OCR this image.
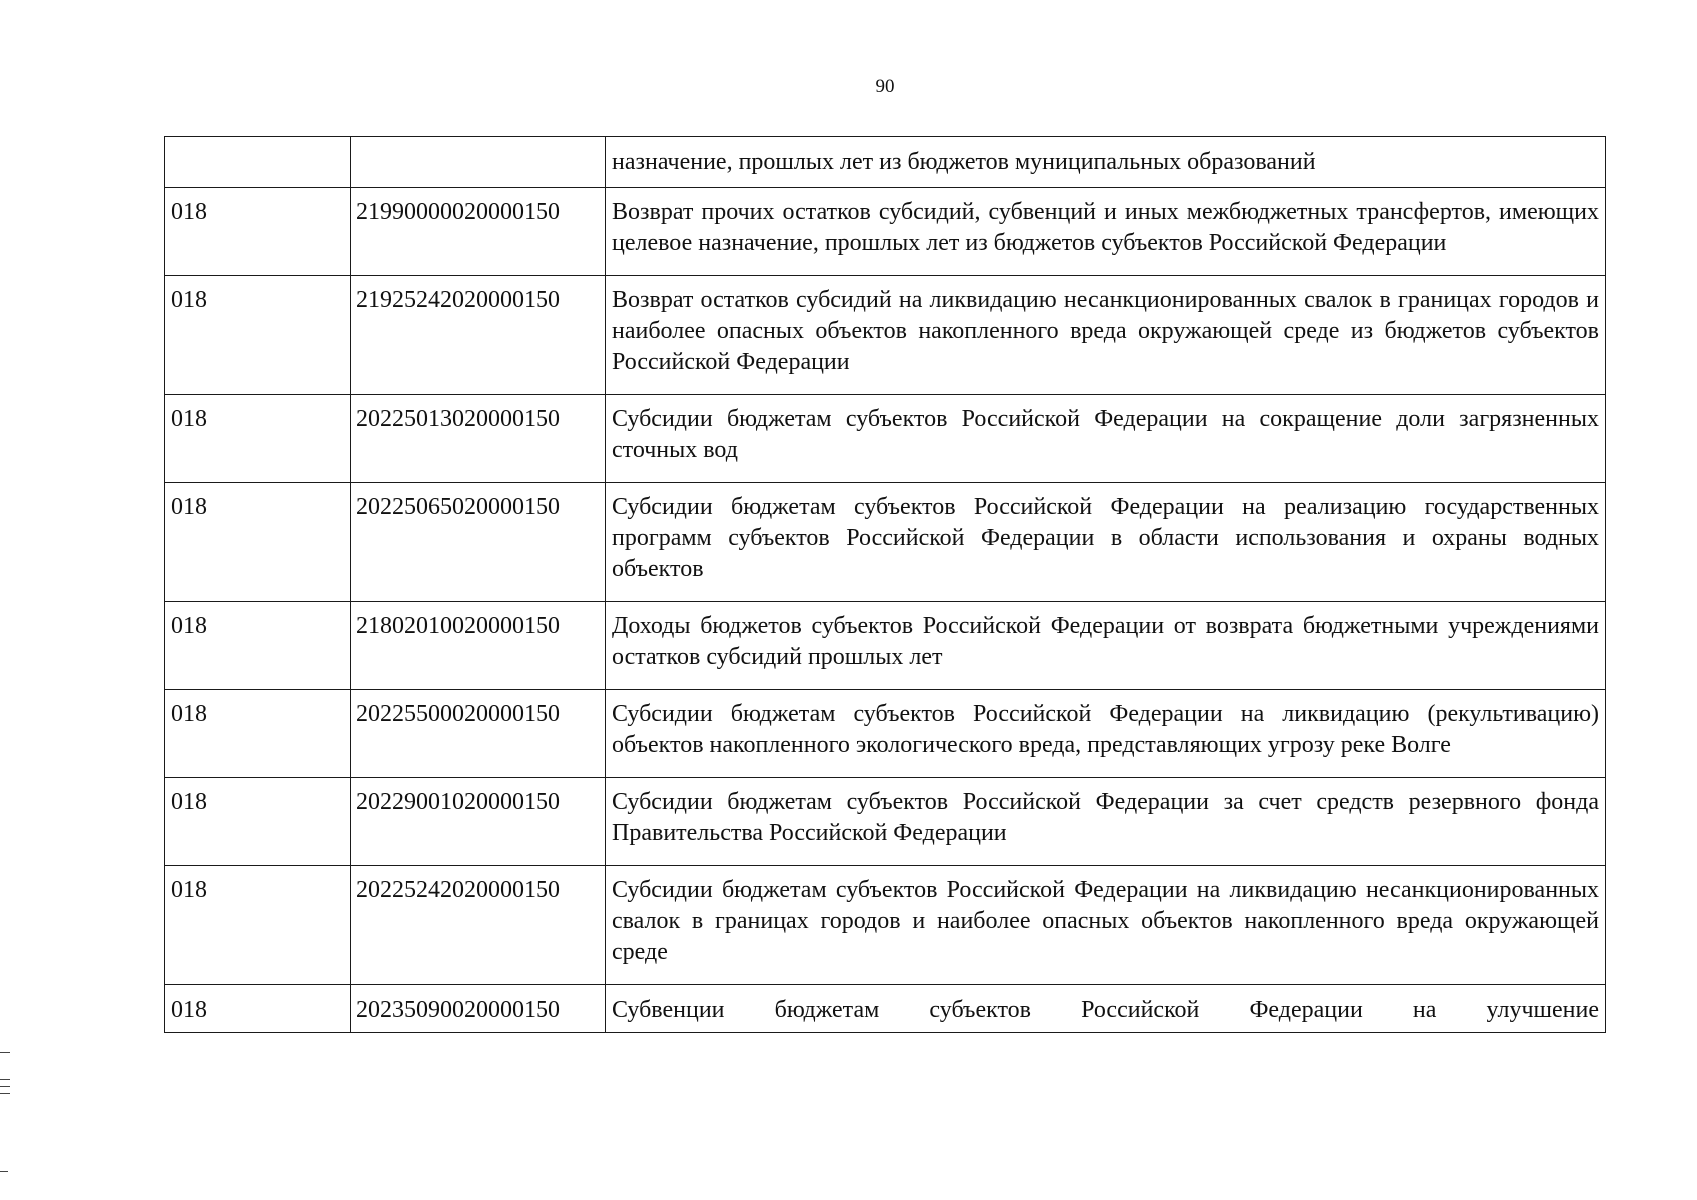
90
		назначение, прошлых лет из бюджетов муниципальных образований
018	21990000020000150	Возврат прочих остатков субсидий, субвенций и иных межбюджетных трансфертов, имеющих целевое назначение, прошлых лет из бюджетов субъектов Российской Федерации
018	21925242020000150	Возврат остатков субсидий на ликвидацию несанкционированных свалок в границах городов и наиболее опасных объектов накопленного вреда окружающей среде из бюджетов субъектов Российской Федерации
018	20225013020000150	Субсидии бюджетам субъектов Российской Федерации на сокращение доли загрязненных сточных вод
018	20225065020000150	Субсидии бюджетам субъектов Российской Федерации на реализацию государственных программ субъектов Российской Федерации в области использования и охраны водных объектов
018	21802010020000150	Доходы бюджетов субъектов Российской Федерации от возврата бюджетными учреждениями остатков субсидий прошлых лет
018	20225500020000150	Субсидии бюджетам субъектов Российской Федерации на ликвидацию (рекультивацию) объектов накопленного экологического вреда, представляющих угрозу реке Волге
018	20229001020000150	Субсидии бюджетам субъектов Российской Федерации за счет средств резервного фонда Правительства Российской Федерации
018	20225242020000150	Субсидии бюджетам субъектов Российской Федерации на ликвидацию несанкционированных свалок в границах городов и наиболее опасных объектов накопленного вреда окружающей среде
018	20235090020000150	Субвенции бюджетам субъектов Российской Федерации на улучшение
